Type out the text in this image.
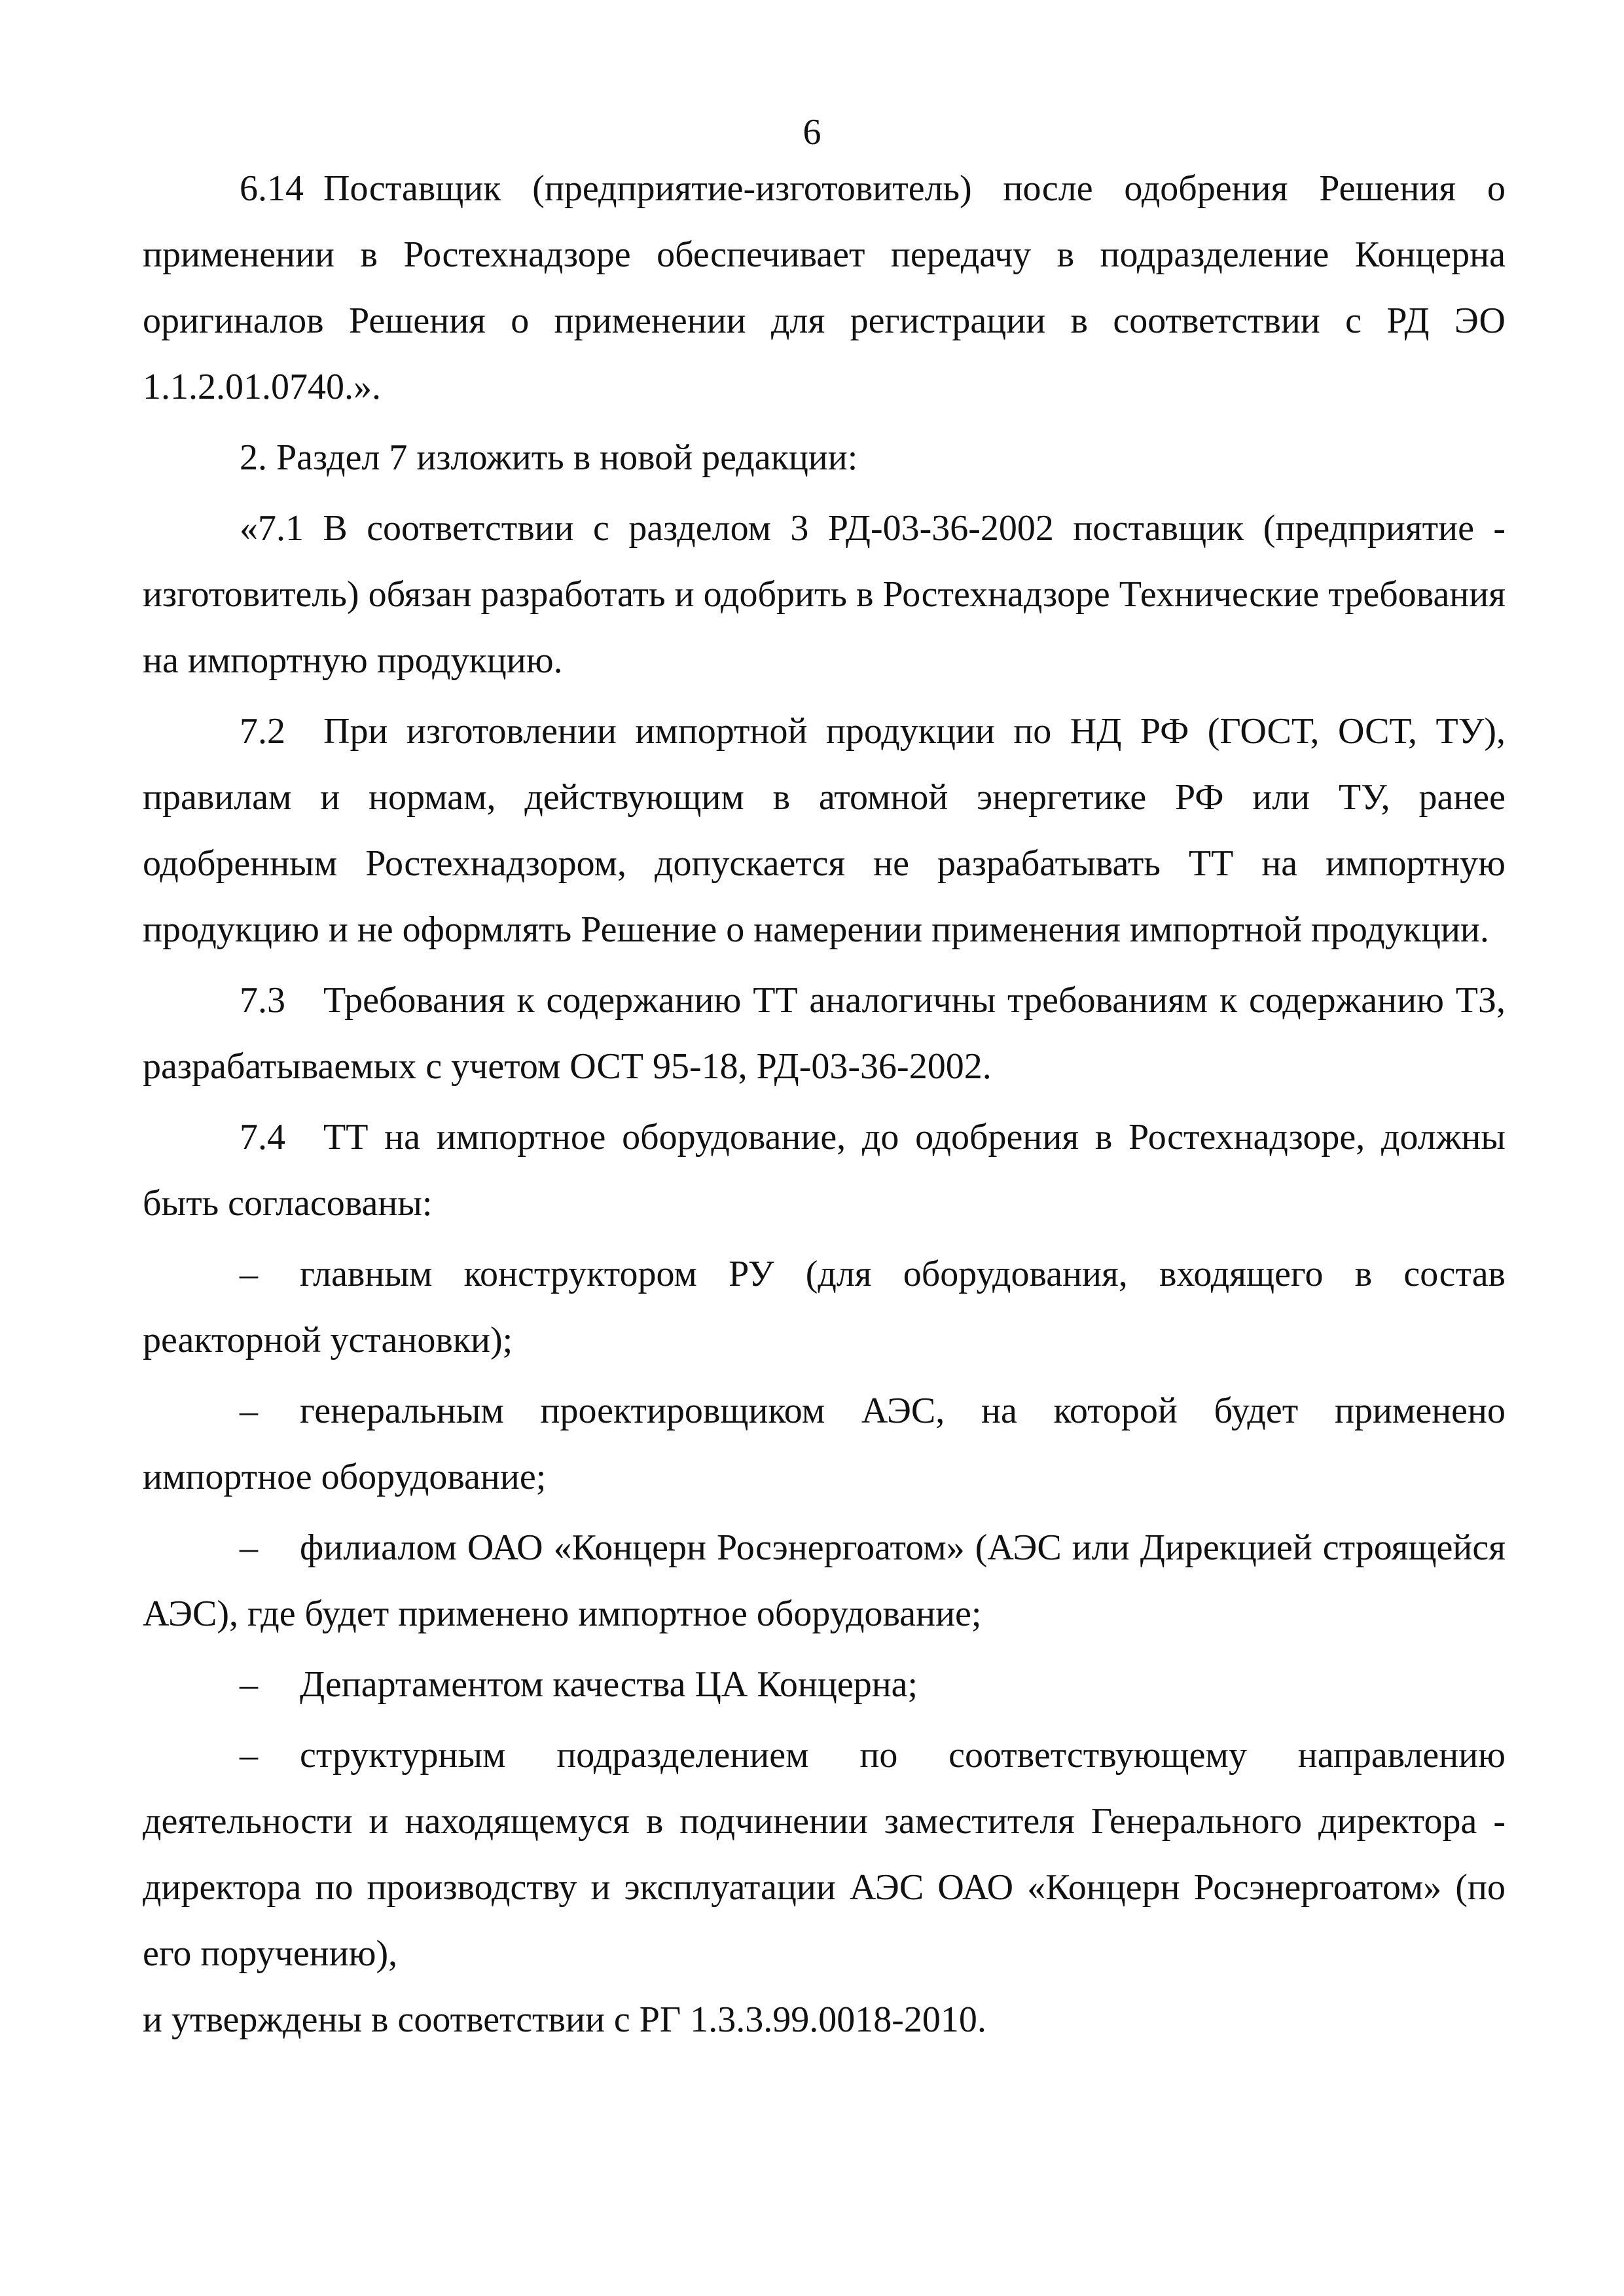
6

6.14 Поставщик (предприятие-изготовитель) после одобрения Решения о применении в Ростехнадзоре обеспечивает передачу в подразделение Концерна оригиналов Решения о применении для регистрации в соответствии с РД ЭО 1.1.2.01.0740.».

2. Раздел 7 изложить в новой редакции:

«7.1 В соответствии с разделом 3 РД-03-36-2002 поставщик (предприятие - изготовитель) обязан разработать и одобрить в Ростехнадзоре Технические требования на импортную продукцию.

7.2 При изготовлении импортной продукции по НД РФ (ГОСТ, ОСТ, ТУ), правилам и нормам, действующим в атомной энергетике РФ или ТУ, ранее одобренным Ростехнадзором, допускается не разрабатывать ТТ на импортную продукцию и не оформлять Решение о намерении применения импортной продукции.

7.3 Требования к содержанию ТТ аналогичны требованиям к содержанию ТЗ, разрабатываемых с учетом ОСТ 95-18, РД-03-36-2002.

7.4 ТТ на импортное оборудование, до одобрения в Ростехнадзоре, должны быть согласованы:

– главным конструктором РУ (для оборудования, входящего в состав реакторной установки);

– генеральным проектировщиком АЭС, на которой будет применено импортное оборудование;

– филиалом ОАО «Концерн Росэнергоатом» (АЭС или Дирекцией строящейся АЭС), где будет применено импортное оборудование;

– Департаментом качества ЦА Концерна;

– структурным подразделением по соответствующему направлению деятельности и находящемуся в подчинении заместителя Генерального директора - директора по производству и эксплуатации АЭС ОАО «Концерн Росэнергоатом» (по его поручению),

и утверждены в соответствии с РГ 1.3.3.99.0018-2010.
